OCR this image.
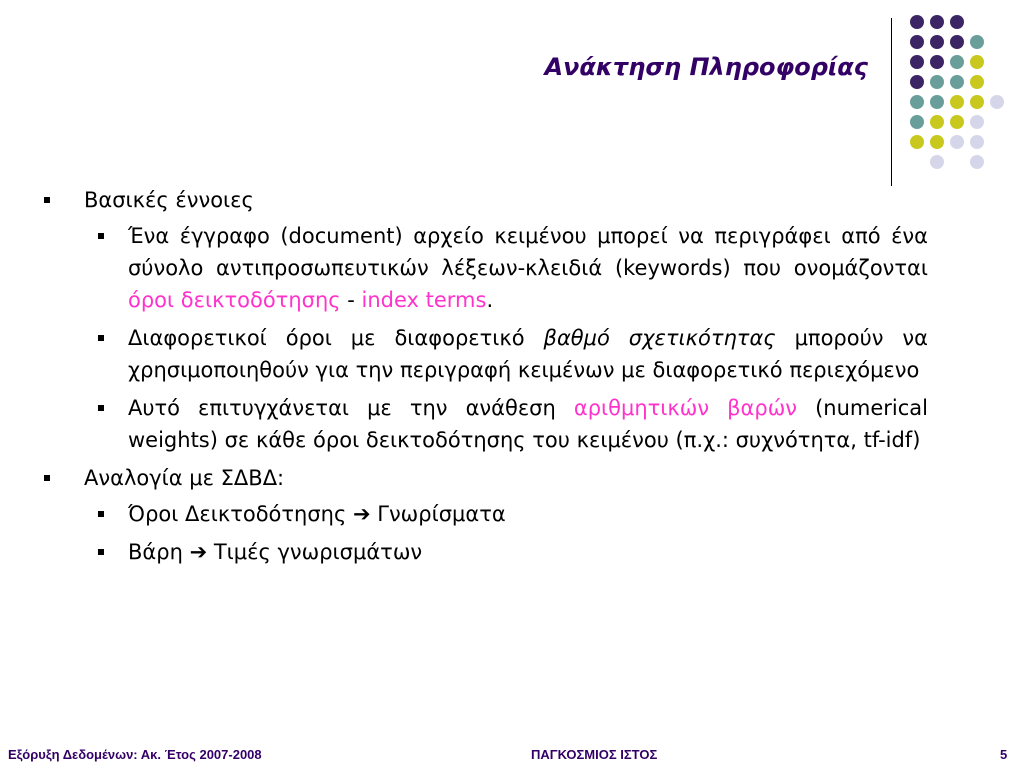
Ανάκτηση Πληροφορίας
Βασικές έννοιες
Ένα έγγραφο (document) αρχείο κειμένου μπορεί να περιγράφει από ένα σύνολο αντιπροσωπευτικών λέξεων-κλειδιά (keywords) που ονομάζονται όροι δεικτοδότησης - index terms.
Διαφορετικοί όροι με διαφορετικό βαθμό σχετικότητας μπορούν να χρησιμοποιηθούν για την περιγραφή κειμένων με διαφορετικό περιεχόμενο
Αυτό επιτυγχάνεται με την ανάθεση αριθμητικών βαρών (numerical weights) σε κάθε όροι δεικτοδότησης του κειμένου (π.χ.: συχνότητα, tf-idf)
Αναλογία με ΣΔΒΔ:
Όροι Δεικτοδότησης ➔ Γνωρίσματα
Βάρη ➔ Τιμές γνωρισμάτων
Εξόρυξη Δεδομένων: Ακ. Έτος 2007-2008	ΠΑΓΚΟΣΜΙΟΣ ΙΣΤΟΣ	5
